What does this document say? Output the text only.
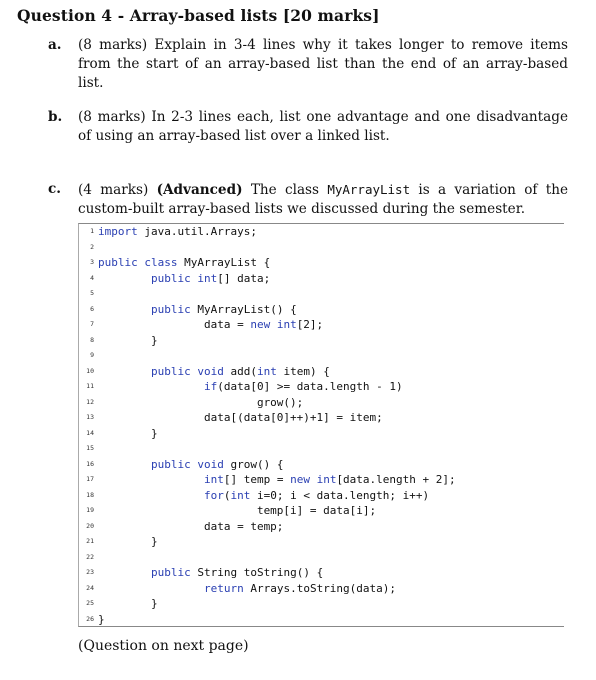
Question 4 - Array-based lists [20 marks]
a. (8 marks) Explain in 3-4 lines why it takes longer to remove items from the start of an array-based list than the end of an array-based list.
b. (8 marks) In 2-3 lines each, list one advantage and one disadvantage of using an array-based list over a linked list.
c. (4 marks) (Advanced) The class MyArrayList is a variation of the custom-built array-based lists we discussed during the semester.
1
2
3
4
5
6
7
8
9
10
11
12
13
14
15
16
17
18
19
20
21
22
23
24
25
26
import java.util.Arrays;
public class MyArrayList {
public int[] data;
public MyArrayList() {
data = new int[2];
}
public void add(int item) {
if(data[0] >= data.length - 1)
grow();
data[(data[0]++)+1] = item;
}
public void grow() {
int[] temp = new int[data.length + 2];
for(int i=0; i < data.length; i++)
temp[i] = data[i];
data = temp;
}
public String toString() {
return Arrays.toString(data);
}
}
(Question on next page)
